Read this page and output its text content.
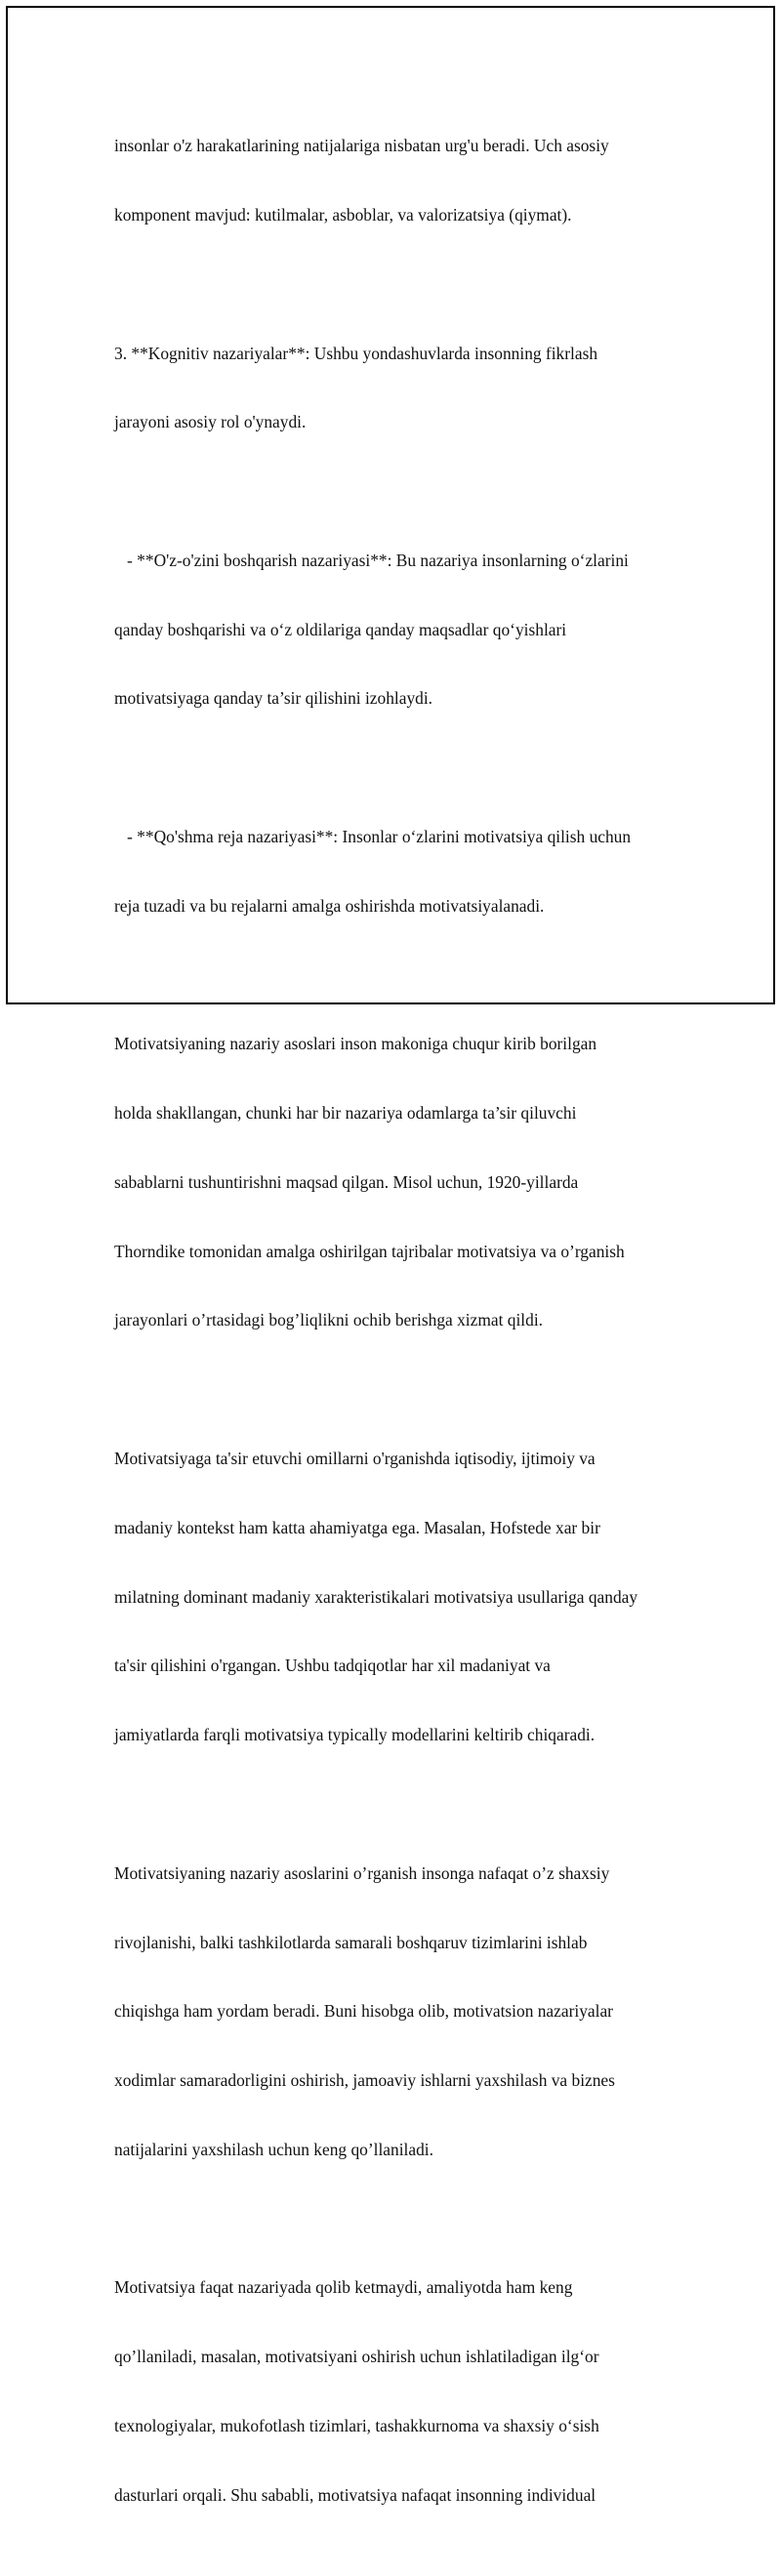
insonlar o'z harakatlarining natijalariga nisbatan urg'u beradi. Uch asosiy

komponent mavjud: kutilmalar, asboblar, va valorizatsiya (qiymat).

3. **Kognitiv nazariyalar**: Ushbu yondashuvlarda insonning fikrlash

jarayoni asosiy rol o'ynaydi.

- **O'z-o'zini boshqarish nazariyasi**: Bu nazariya insonlarning o‘zlarini

qanday boshqarishi va o‘z oldilariga qanday maqsadlar qo‘yishlari

motivatsiyaga qanday ta’sir qilishini izohlaydi.

- **Qo'shma reja nazariyasi**: Insonlar o‘zlarini motivatsiya qilish uchun

reja tuzadi va bu rejalarni amalga oshirishda motivatsiyalanadi.

Motivatsiyaning nazariy asoslari inson makoniga chuqur kirib borilgan

holda shakllangan, chunki har bir nazariya odamlarga ta’sir qiluvchi

sabablarni tushuntirishni maqsad qilgan. Misol uchun, 1920-yillarda

Thorndike tomonidan amalga oshirilgan tajribalar motivatsiya va o’rganish

jarayonlari o’rtasidagi bog’liqlikni ochib berishga xizmat qildi.

Motivatsiyaga ta'sir etuvchi omillarni o'rganishda iqtisodiy, ijtimoiy va

madaniy kontekst ham katta ahamiyatga ega. Masalan, Hofstede xar bir

milatning dominant madaniy xarakteristikalari motivatsiya usullariga qanday

ta'sir qilishini o'rgangan. Ushbu tadqiqotlar har xil madaniyat va

jamiyatlarda farqli motivatsiya typically modellarini keltirib chiqaradi.

Motivatsiyaning nazariy asoslarini o’rganish insonga nafaqat o’z shaxsiy

rivojlanishi, balki tashkilotlarda samarali boshqaruv tizimlarini ishlab

chiqishga ham yordam beradi. Buni hisobga olib, motivatsion nazariyalar

xodimlar samaradorligini oshirish, jamoaviy ishlarni yaxshilash va biznes

natijalarini yaxshilash uchun keng qo’llaniladi.

Motivatsiya faqat nazariyada qolib ketmaydi, amaliyotda ham keng

qo’llaniladi, masalan, motivatsiyani oshirish uchun ishlatiladigan ilg‘or

texnologiyalar, mukofotlash tizimlari, tashakkurnoma va shaxsiy o‘sish

dasturlari orqali. Shu sababli, motivatsiya nafaqat insonning individual
